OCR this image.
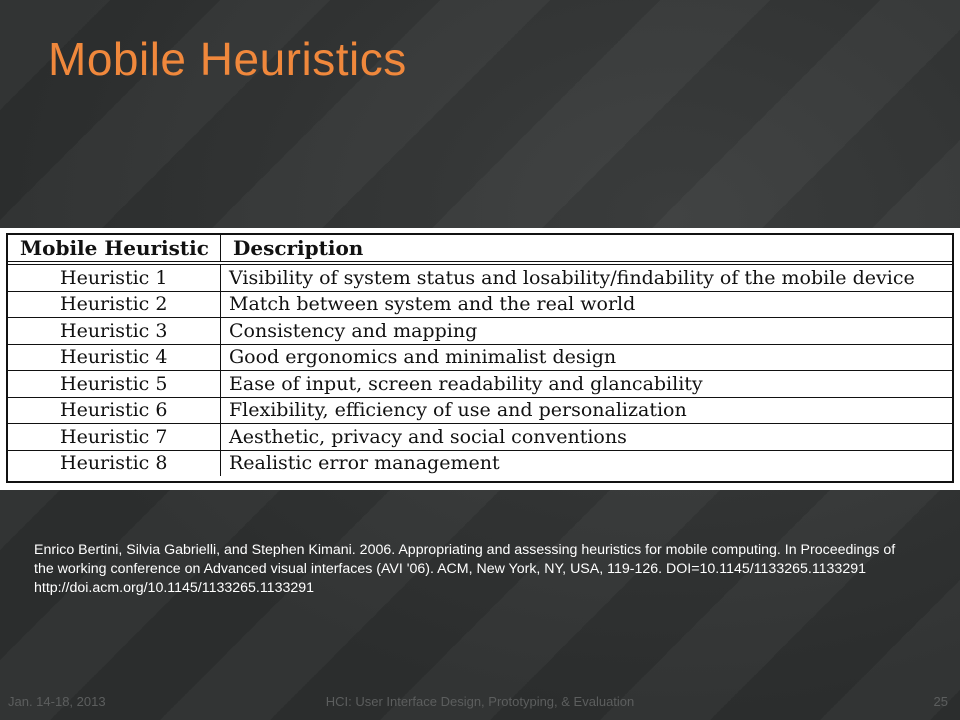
Mobile Heuristics
Mobile Heuristic	Description
Heuristic 1	Visibility of system status and losability/findability of the mobile device
Heuristic 2	Match between system and the real world
Heuristic 3	Consistency and mapping
Heuristic 4	Good ergonomics and minimalist design
Heuristic 5	Ease of input, screen readability and glancability
Heuristic 6	Flexibility, efficiency of use and personalization
Heuristic 7	Aesthetic, privacy and social conventions
Heuristic 8	Realistic error management

Enrico Bertini, Silvia Gabrielli, and Stephen Kimani. 2006. Appropriating and assessing heuristics for mobile computing. In Proceedings of the working conference on Advanced visual interfaces (AVI '06). ACM, New York, NY, USA, 119-126. DOI=10.1145/1133265.1133291 http://doi.acm.org/10.1145/1133265.1133291

Jan. 14-18, 2013	HCI: User Interface Design, Prototyping, & Evaluation	25
